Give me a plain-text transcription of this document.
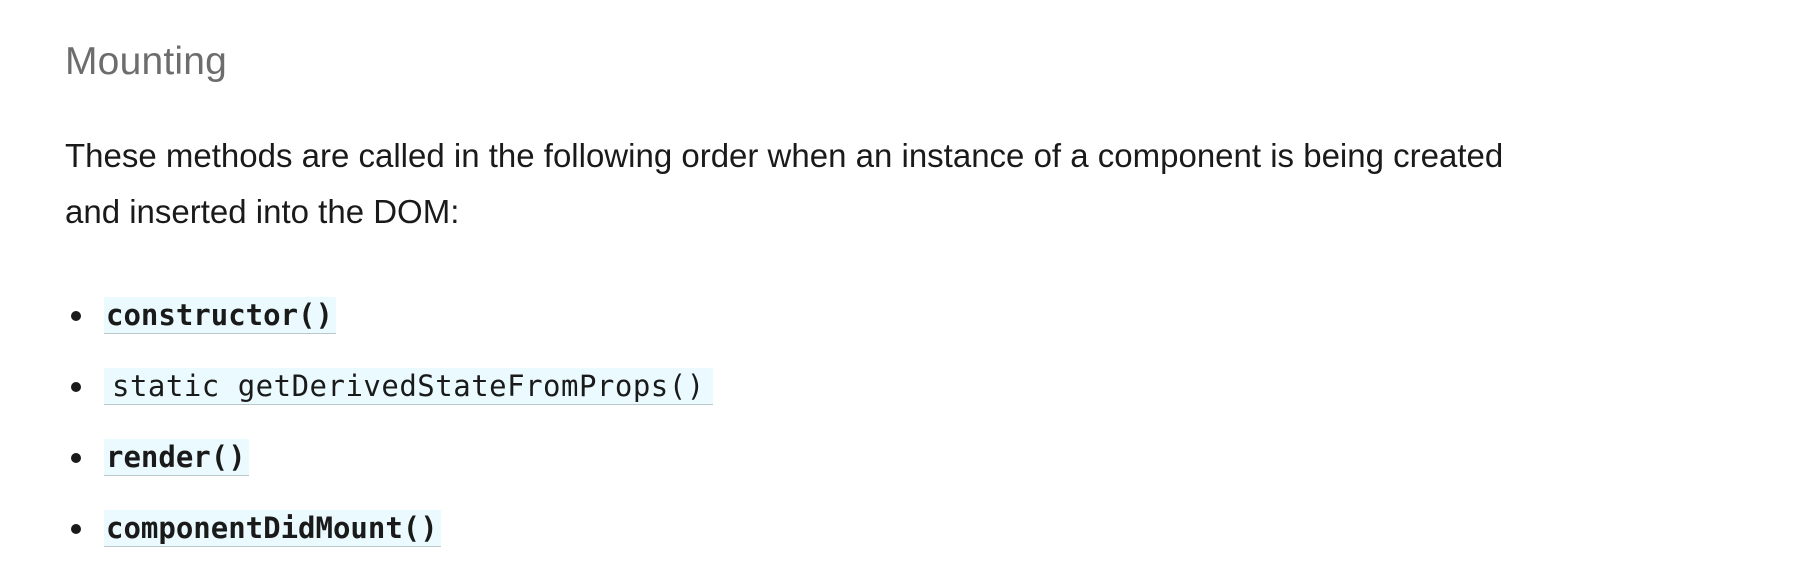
Mounting

These methods are called in the following order when an instance of a component is being created and inserted into the DOM:

constructor()
static getDerivedStateFromProps()
render()
componentDidMount()
